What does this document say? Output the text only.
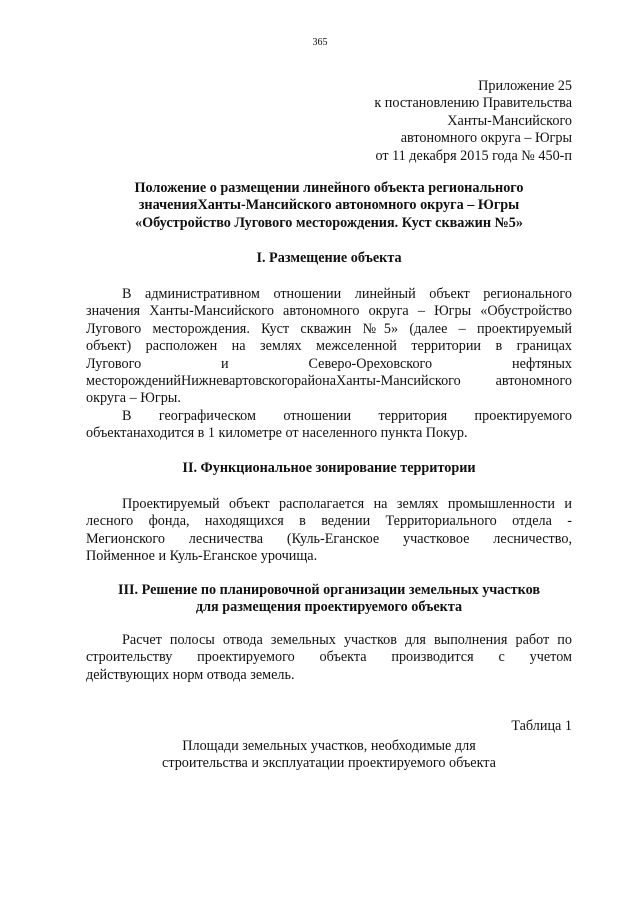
365
Приложение 25
к постановлению Правительства
Ханты-Мансийского
автономного округа – Югры
от 11 декабря 2015 года № 450-п
Положение о размещении линейного объекта регионального
значенияХанты-Мансийского автономного округа – Югры
«Обустройство Лугового месторождения. Куст скважин №5»
I. Размещение объекта
В административном отношении линейный объект регионального
значения Ханты-Мансийского автономного округа – Югры «Обустройство
Лугового месторождения. Куст скважин №5» (далее – проектируемый
объект) расположен на землях межселенной территории в границах
Лугового             и             Северо-Ореховского             нефтяных
месторожденийНижневартовскогорайонаХанты-Мансийского автономного
округа – Югры.
В географическом отношении территория проектируемого
объектанаходится в 1 километре от населенного пункта Покур.
II. Функциональное зонирование территории
Проектируемый объект располагается на землях промышленности и
лесного фонда, находящихся в ведении Территориального отдела -
Мегионского лесничества (Куль-Еганское участковое лесничество,
Пойменное и Куль-Еганское урочища.
III. Решение по планировочной организации земельных участков
для размещения проектируемого объекта
Расчет полосы отвода земельных участков для выполнения работ по
строительству проектируемого объекта производится с учетом
действующих норм отвода земель.
Таблица 1
Площади земельных участков, необходимые для
строительства и эксплуатации проектируемого объекта
